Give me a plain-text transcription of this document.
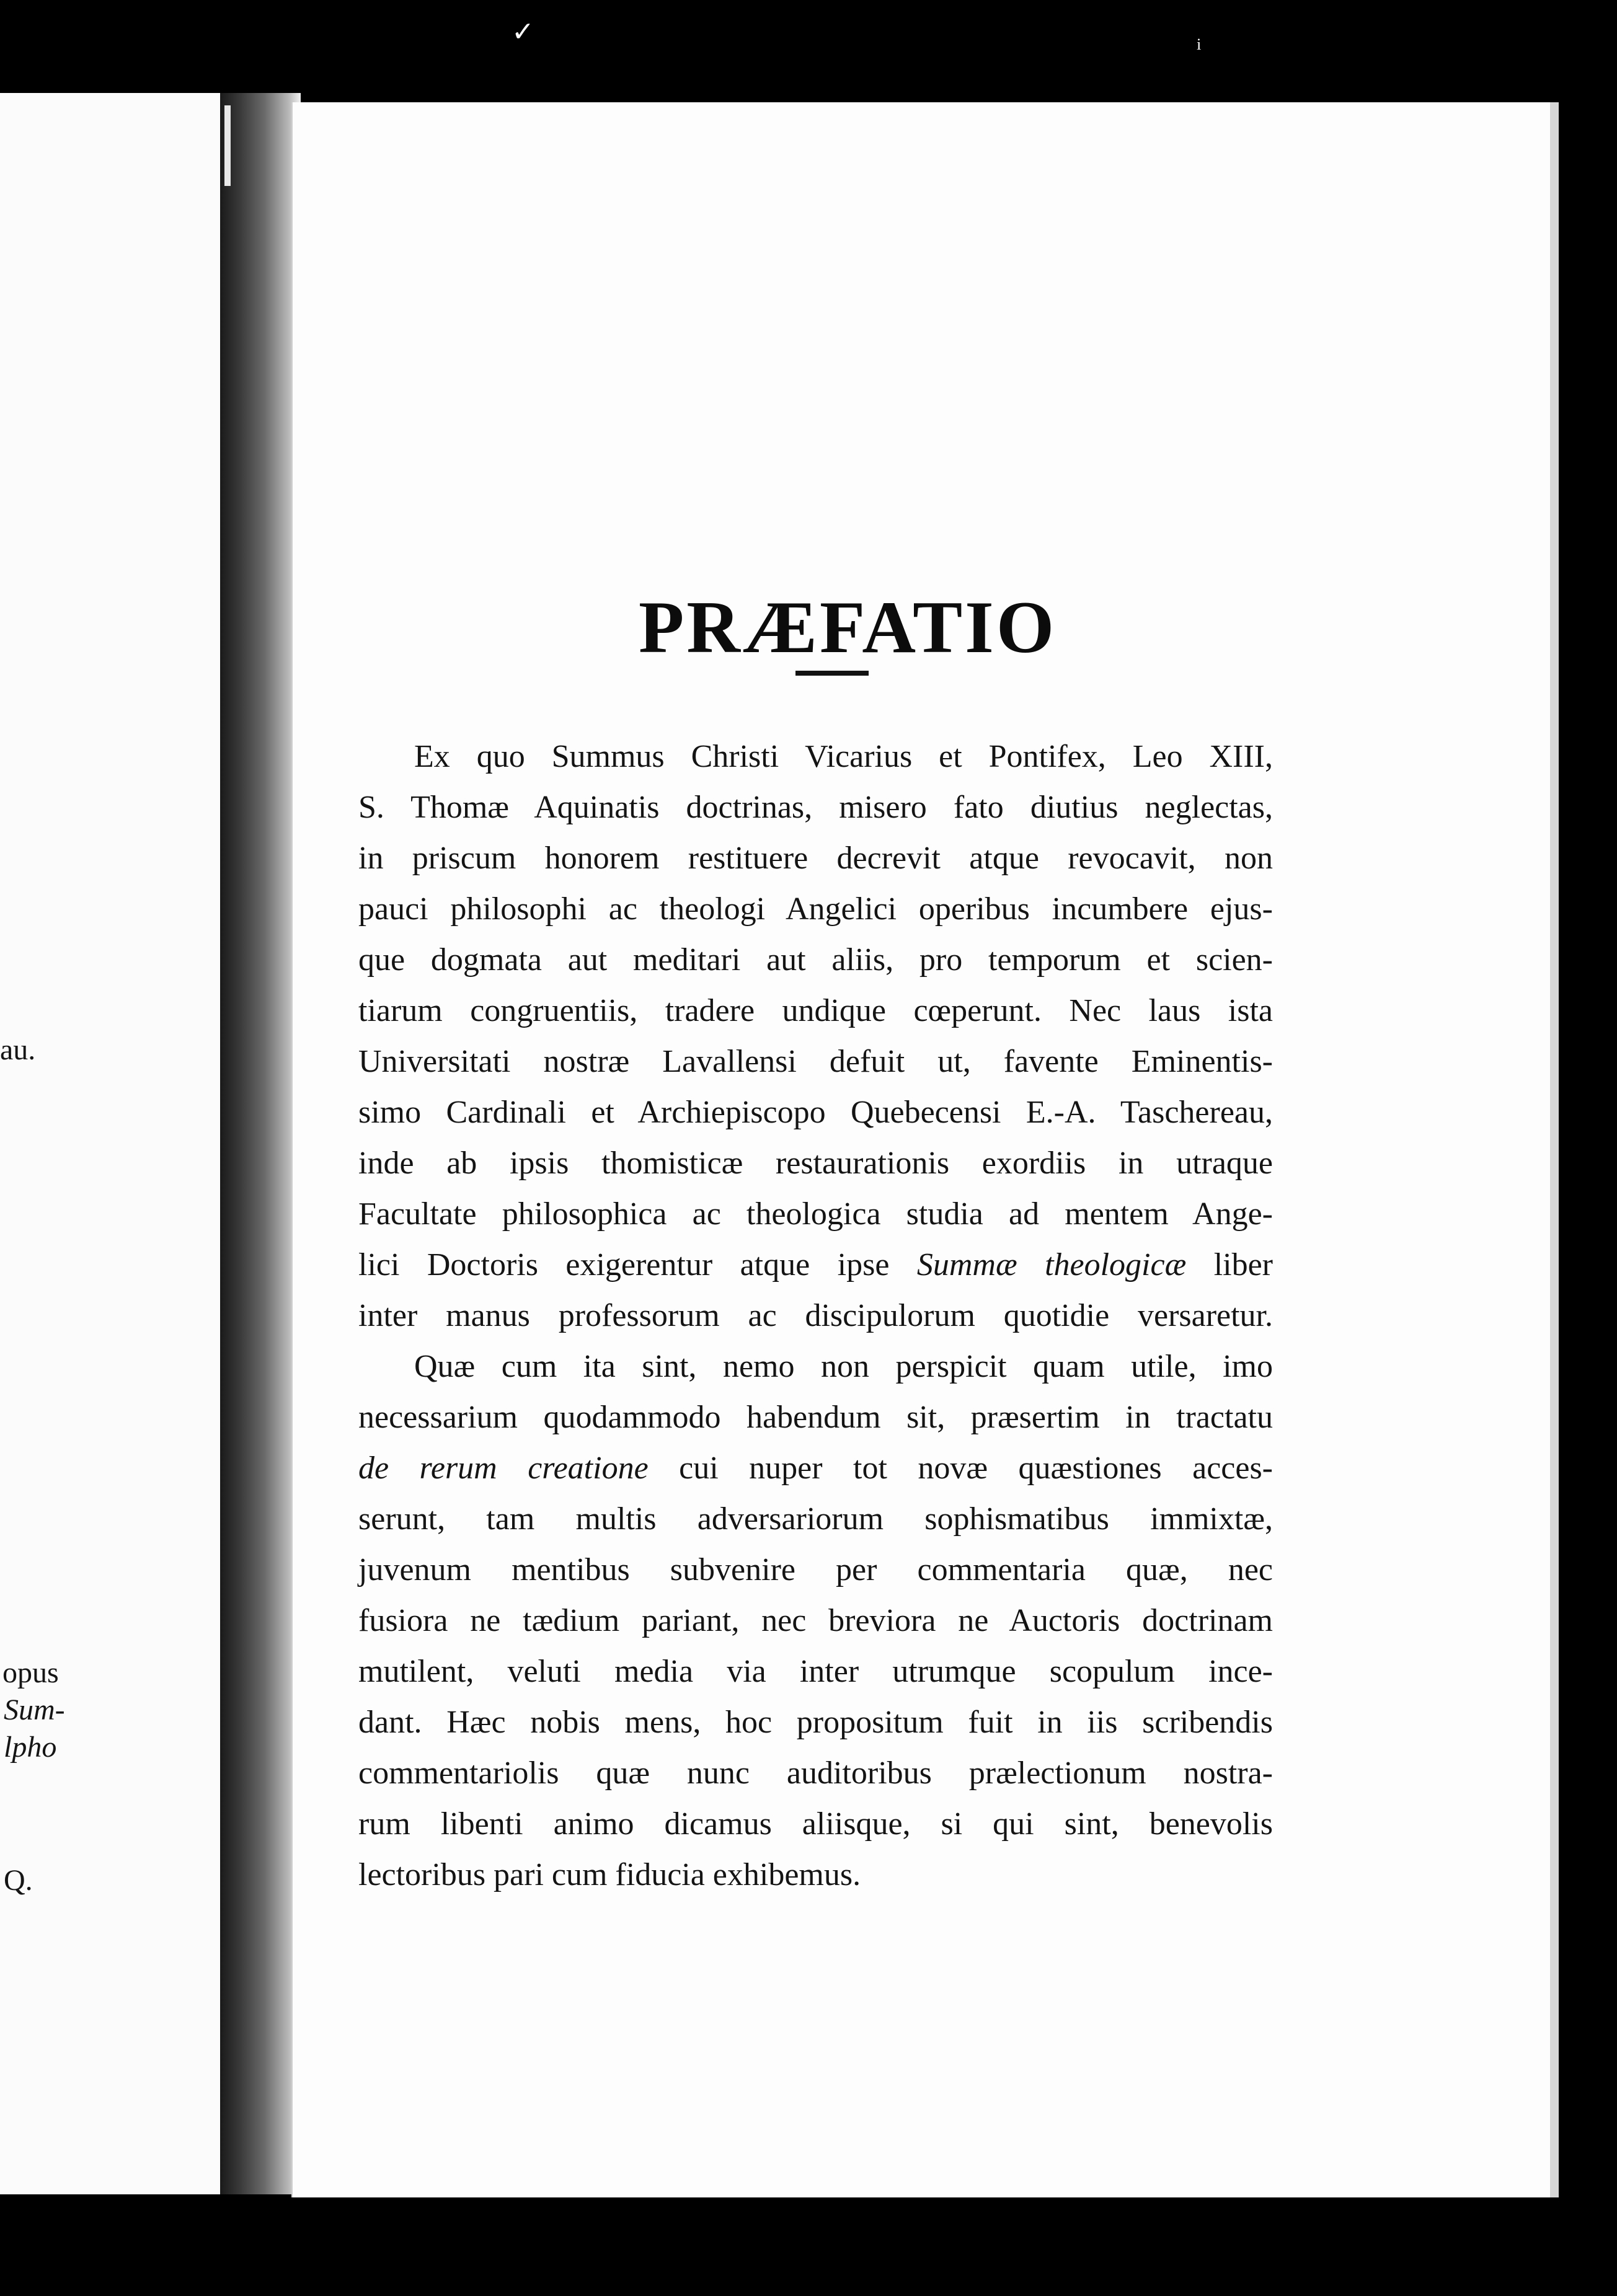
✓	ᵢ
au.
opus
Sum-
lpho
Q.
PRÆFATIO
Ex quo Summus Christi Vicarius et Pontifex, Leo XIII,
S. Thomæ Aquinatis doctrinas, misero fato diutius neglectas,
in priscum honorem restituere decrevit atque revocavit, non
pauci philosophi ac theologi Angelici operibus incumbere ejus-
que dogmata aut meditari aut aliis, pro temporum et scien-
tiarum congruentiis, tradere undique cœperunt. Nec laus ista
Universitati nostræ Lavallensi defuit ut, favente Eminentis-
simo Cardinali et Archiepiscopo Quebecensi E.-A. Taschereau,
inde ab ipsis thomisticæ restaurationis exordiis in utraque
Facultate philosophica ac theologica studia ad mentem Ange-
lici Doctoris exigerentur atque ipse Summæ theologicæ liber
inter manus professorum ac discipulorum quotidie versaretur.
Quæ cum ita sint, nemo non perspicit quam utile, imo
necessarium quodammodo habendum sit, præsertim in tractatu
de rerum creatione cui nuper tot novæ quæstiones acces-
serunt, tam multis adversariorum sophismatibus immixtæ,
juvenum mentibus subvenire per commentaria quæ, nec
fusiora ne tædium pariant, nec breviora ne Auctoris doctrinam
mutilent, veluti media via inter utrumque scopulum ince-
dant. Hæc nobis mens, hoc propositum fuit in iis scribendis
commentariolis quæ nunc auditoribus prælectionum nostra-
rum libenti animo dicamus aliisque, si qui sint, benevolis
lectoribus pari cum fiducia exhibemus.
